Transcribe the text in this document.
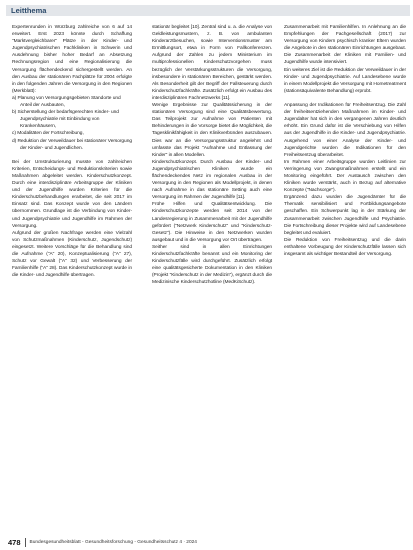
Leitthema

Expertenrunden in Würzburg zahlreiche von 6 auf 14 erweitert. Erst 2023 könnte durch Schaffung "Marktvergleichbarer" Plätze in der Kinder- und Jugendpsychiatrischen Fachkliniken in Schwerin und Ausdehnung bisher hoher Bedarf an Absetzung Rechnungsregion und eine Regionalisierung die Versorgung flächendeckend sichergestellt werden. An den Ausbau der stationären Fachplätze für 2004 erfolgte in den folgenden Jahren die Versorgung in den Regionen (Merkblatt):

a) Planung von Versorgungsgebieten Standorte und Anteil der Ausbauten,

b) Sicherstellung der bedarfsgerechten Kinder- und Jugendpsychiatrie mit Einbindung von Krankenhäusern,

c) Modalitäten der Fortschreibung,

d) Reduktion der Verweildauer bei stationärer Versorgung der Kinder- und Jugendlichen.

Bei der Umstrukturierung musste von zahlreichen Kriterien, Entscheidungs- und Reduktionskriterien sowie Maßnahmen abgeleitet werden. Kinderschutzkonzept. Durch eine interdisziplinäre Arbeitsgruppe der Kliniken und der Jugendhilfe wurden Kriterien für die Kinderschutzbehandlungen erarbeitet, die seit 2017 im Einsatz sind. Das Konzept wurde von den Ländern übernommen. Grundlage ist die Verbindung von Kinder- und Jugendpsychiatrie und Jugendhilfe im Rahmen der Versorgung.

Aufgrund der großen Nachfrage werden eine Vielzahl von Schutzmaßnahmen (Kinderschutz, Jugendschutz) eingesetzt. Weitere Vorschläge für die Behandlung sind die Aufnahme ("A" 20), Konzeptualisierung ("A" 27), Schutz vor Gewalt ("A" 32) und Verbesserung der Familienhilfe ("A" 28). Das Kinderschutzkonzept wurde in die Kinder- und Jugendhilfe übertragen.

stationär begleitet [10]. Zentral sind u. a. die Analyse von Geldleistungsmustern, z. B. von ambulanten Kinderarztbesuchen, sowie Interventionsmuster am Ermittlungsort, etwa in Form von Fallkonferenzen. Aufgrund der Zahlen zu jedem Ministerium im multiprofessionellen Kinderschutzvorgehen muss bezüglich der Verstärkungsstrukturen die Versorgung, insbesondere in stationären Bereichen, gestärkt werden. Als Besonderheit gilt der Begriff der Fallsteuerung durch Kinderschutzfachkräfte. Zusätzlich erfolgt ein Ausbau des interdisziplinären Fachnetzwerks [11].

Wenige Ergebnisse zur Qualitätssicherung in der stationären Versorgung sind eine Qualitätsbewertung. Das Teilprojekt zur Aufnahme von Patienten mit Behinderungen in die Vorsorge bietet die Möglichkeit, die Tagesklinikfähigkeit in den Klinikverbünden auszubauen. Dies war an die Versorgungsstruktur angelehnt und umfasste das Projekt "Aufnahme und Entlassung der Kinder" in allen Modellen.

Kinderschutzkonzept. Durch Ausbau der Kinder- und Jugendpsychiatrischen Kliniken wurde ein flächendeckendes Netz im regionalen Ausbau in der Versorgung in den Regionen als Modellprojekt, in denen nach Aufnahme in das stationäre Setting auch eine Versorgung im Rahmen der Jugendhilfe [11].

Frühe Hilfen und Qualitätsentwicklung. Die Kinderschutzkonzepte werden seit 2014 von der Landesregierung in Zusammenarbeit mit der Jugendhilfe gefördert ("Netzwerk Kinderschutz" und "Kinderschutz-Gesetz"). Die Hinweise in den Netzwerken wurden ausgebaut und in die Versorgung vor Ort übertragen.

Seither sind in allen Einrichtungen Kinderschutzfachkräfte benannt und ein Monitoring der Kinderschutzfälle wird durchgeführt. Zusätzlich erfolgt eine qualitätsgesicherte Dokumentation in den Kliniken (Projekt "Kinderschutz in der Medizin"), ergänzt durch die Medizinische Kinderschutzhotline (MedKiSchutz).

Zusammenarbeit mit Familienhilfen. In Anlehnung an die Empfehlungen der Fachgesellschaft (2017) zur Versorgung von Kindern psychisch kranker Eltern wurden die Angebote in den stationären Einrichtungen ausgebaut. Die Zusammenarbeit der Kliniken mit Familien- und Jugendhilfe wurde intensiviert.

Ein weiteres Ziel ist die Reduktion der Verweildauer in der Kinder- und Jugendpsychiatrie. Auf Landesebene wurde in einem Modellprojekt die Versorgung mit Hometreatment (stationsäquivalente Behandlung) erprobt.

Anpassung der Indikationen für Freiheitsentzug. Die Zahl der freiheitsentziehenden Maßnahmen im Kinder- und Jugendalter hat sich in den vergangenen Jahren deutlich erhöht. Ein Grund dafür ist die Verschiebung von Hilfen aus der Jugendhilfe in die Kinder- und Jugendpsychiatrie. Ausgehend von einer Analyse der Kinder- und Jugendgerichte wurden die Indikationen für den Freiheitsentzug überarbeitet.

Im Rahmen einer Arbeitsgruppe wurden Leitlinien zur Verringerung von Zwangsmaßnahmen erstellt und ein Monitoring eingeführt. Der Austausch zwischen den Kliniken wurde verstärkt, auch in Bezug auf alternative Konzepte ("Nachsorge").

Ergänzend dazu wurden die Jugendämter für die Thematik sensibilisiert und Fortbildungsangebote geschaffen. Ein Schwerpunkt lag in der Stärkung der Zusammenarbeit zwischen Jugendhilfe und Psychiatrie. Die Fortschreibung dieser Projekte wird auf Landesebene begleitet und evaluiert.

Die Reduktion von Freiheitsentzug und die darin enthaltene Vorbeugung der Kinderschutzfälle lassen sich insgesamt als wichtiger Bestandteil der Versorgung.

478 Bundesgesundheitsblatt - Gesundheitsforschung - Gesundheitsschutz 4 · 2024
